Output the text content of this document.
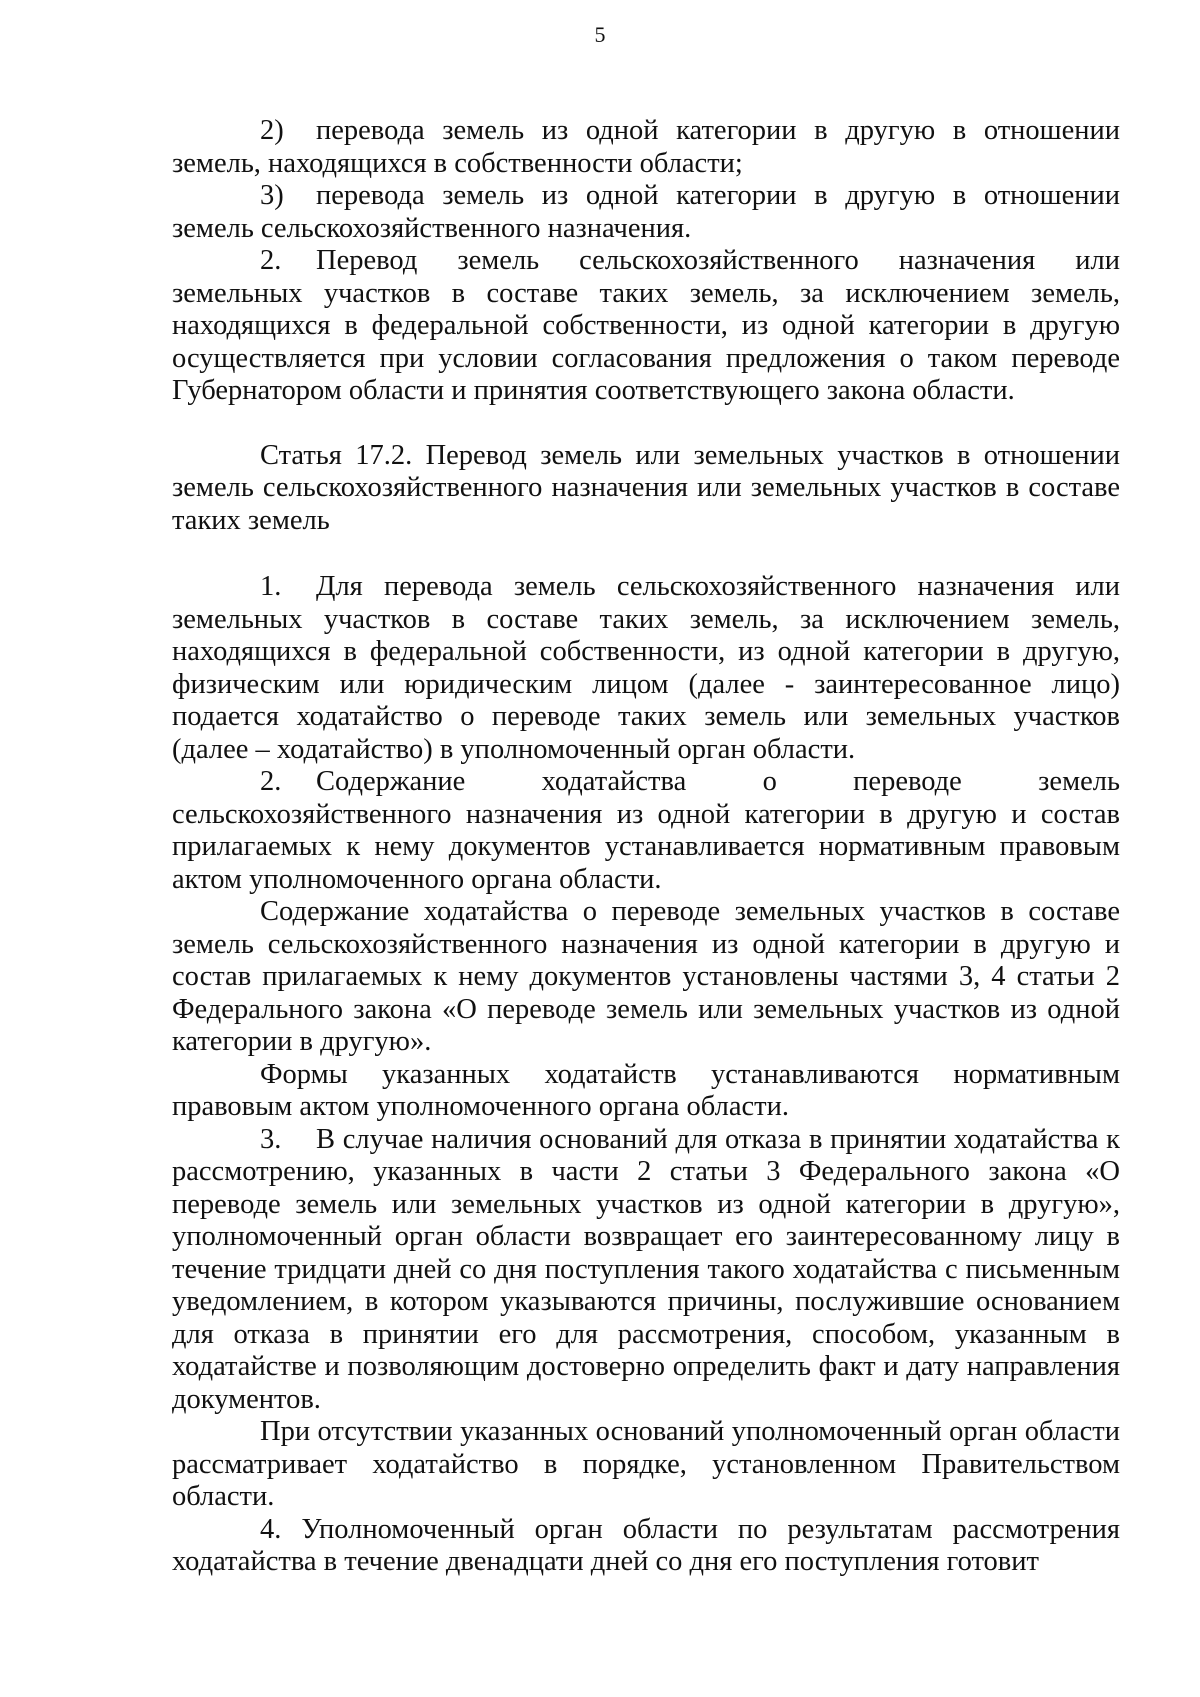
5

2) перевода земель из одной категории в другую в отношении земель, находящихся в собственности области;

3) перевода земель из одной категории в другую в отношении земель сельскохозяйственного назначения.

2. Перевод земель сельскохозяйственного назначения или земельных участков в составе таких земель, за исключением земель, находящихся в федеральной собственности, из одной категории в другую осуществляется при условии согласования предложения о таком переводе Губернатором области и принятия соответствующего закона области.

Статья 17.2. Перевод земель или земельных участков в отношении земель сельскохозяйственного назначения или земельных участков в составе таких земель

1. Для перевода земель сельскохозяйственного назначения или земельных участков в составе таких земель, за исключением земель, находящихся в федеральной собственности, из одной категории в другую, физическим или юридическим лицом (далее - заинтересованное лицо) подается ходатайство о переводе таких земель или земельных участков (далее – ходатайство) в уполномоченный орган области.

2. Содержание ходатайства о переводе земель сельскохозяйственного назначения из одной категории в другую и состав прилагаемых к нему документов устанавливается нормативным правовым актом уполномоченного органа области.

Содержание ходатайства о переводе земельных участков в составе земель сельскохозяйственного назначения из одной категории в другую и состав прилагаемых к нему документов установлены частями 3, 4 статьи 2 Федерального закона «О переводе земель или земельных участков из одной категории в другую».

Формы указанных ходатайств устанавливаются нормативным правовым актом уполномоченного органа области.

3. В случае наличия оснований для отказа в принятии ходатайства к рассмотрению, указанных в части 2 статьи 3 Федерального закона «О переводе земель или земельных участков из одной категории в другую», уполномоченный орган области возвращает его заинтересованному лицу в течение тридцати дней со дня поступления такого ходатайства с письменным уведомлением, в котором указываются причины, послужившие основанием для отказа в принятии его для рассмотрения, способом, указанным в ходатайстве и позволяющим достоверно определить факт и дату направления документов.

При отсутствии указанных оснований уполномоченный орган области рассматривает ходатайство в порядке, установленном Правительством области.

4. Уполномоченный орган области по результатам рассмотрения ходатайства в течение двенадцати дней со дня его поступления готовит
